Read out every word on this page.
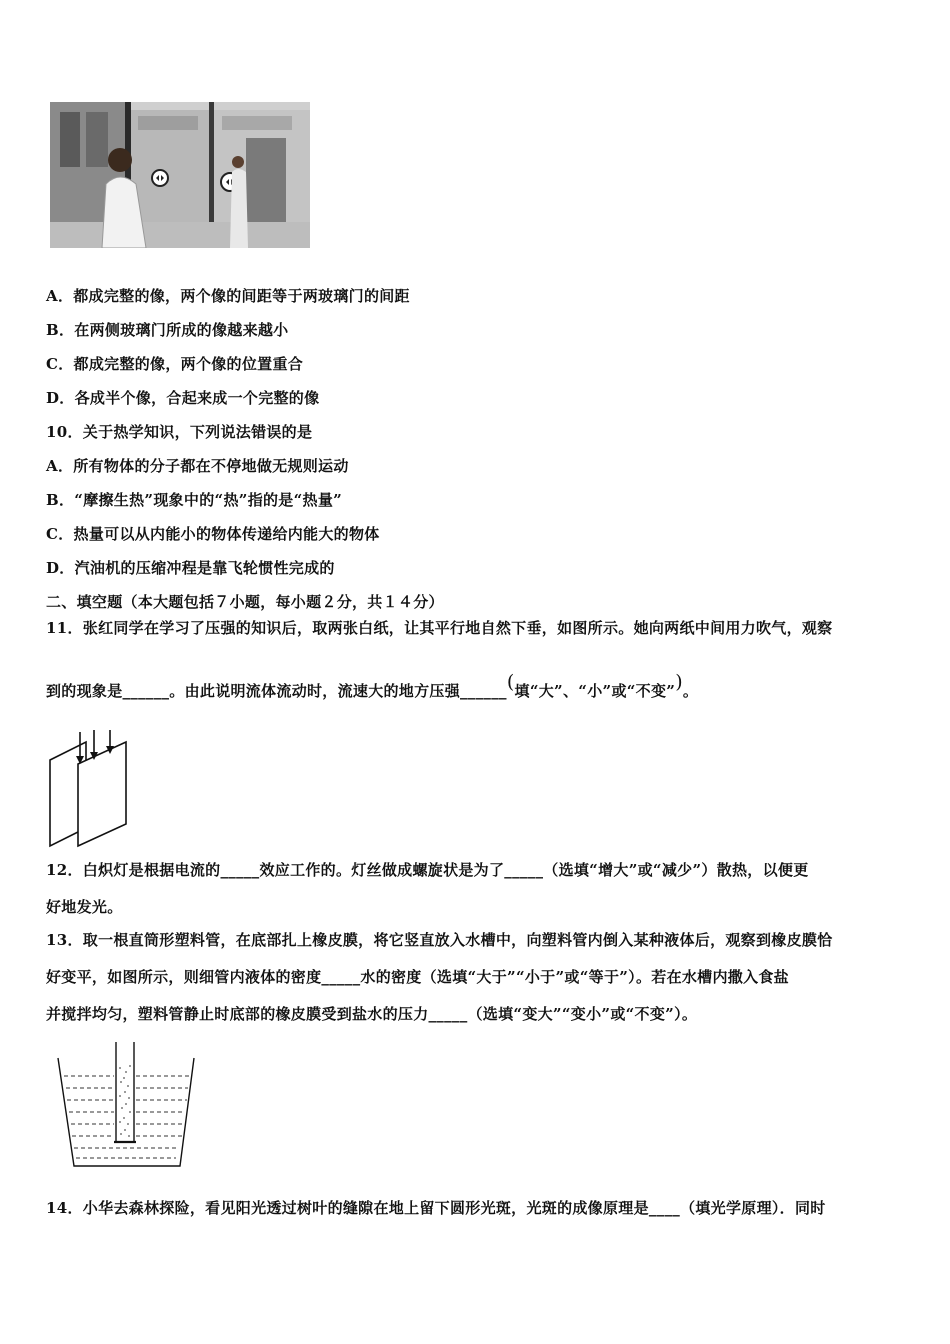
A．都成完整的像，两个像的间距等于两玻璃门的间距
B．在两侧玻璃门所成的像越来越小
C．都成完整的像，两个像的位置重合
D．各成半个像，合起来成一个完整的像
10．关于热学知识，下列说法错误的是
A．所有物体的分子都在不停地做无规则运动
B．“摩擦生热”现象中的“热”指的是“热量”
C．热量可以从内能小的物体传递给内能大的物体
D．汽油机的压缩冲程是靠飞轮惯性完成的
二、填空题（本大题包括７小题，每小题２分，共１４分）
11．张红同学在学习了压强的知识后，取两张白纸，让其平行地自然下垂，如图所示。她向两纸中间用力吹气，观察
到的现象是______。由此说明流体流动时，流速大的地方压强______(填“大”、“小”或“不变”)。
12．白炽灯是根据电流的_____效应工作的。灯丝做成螺旋状是为了_____（选填“增大”或“减少”）散热，以便更
好地发光。
13．取一根直筒形塑料管，在底部扎上橡皮膜，将它竖直放入水槽中，向塑料管内倒入某种液体后，观察到橡皮膜恰
好变平，如图所示，则细管内液体的密度_____水的密度（选填“大于”“小于”或“等于”）。若在水槽内撒入食盐
并搅拌均匀，塑料管静止时底部的橡皮膜受到盐水的压力_____（选填“变大”“变小”或“不变”）。
14．小华去森林探险，看见阳光透过树叶的缝隙在地上留下圆形光斑，光斑的成像原理是____（填光学原理）．同时
